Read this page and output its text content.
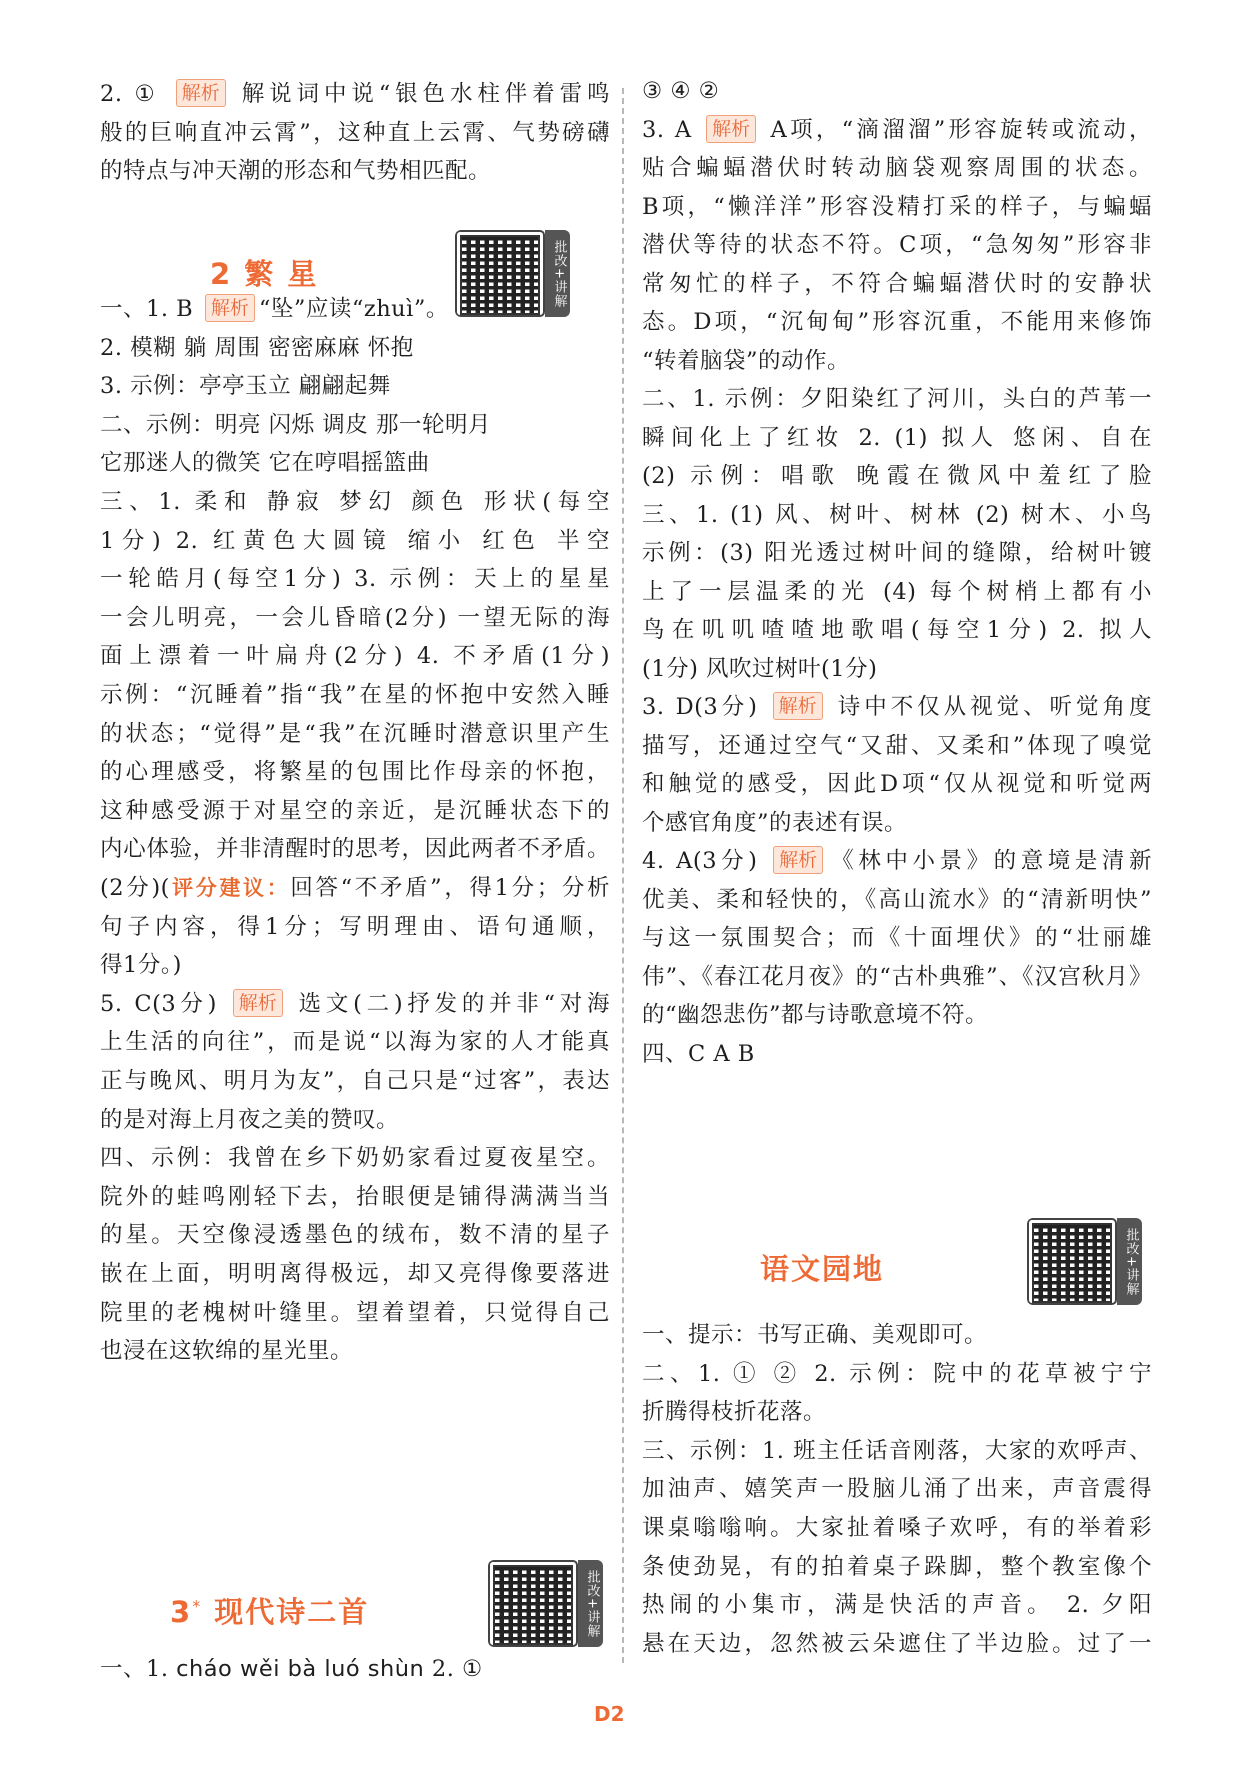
2. ① 解析 解说词中说“银色水柱伴着雷鸣
般的巨响直冲云霄”，这种直上云霄、气势磅礴
的特点与冲天潮的形态和气势相匹配。
一、1. B 解析 “坠”应读“zhuì”。
2. 模糊 躺 周围 密密麻麻 怀抱
3. 示例：亭亭玉立 翩翩起舞
二、示例：明亮 闪烁 调皮 那一轮明月
它那迷人的微笑 它在哼唱摇篮曲
三、1. 柔和 静寂 梦幻 颜色 形状(每空
1分) 2. 红黄色大圆镜 缩小 红色 半空
一轮皓月(每空1分) 3. 示例：天上的星星
一会儿明亮，一会儿昏暗(2分) 一望无际的海
面上漂着一叶扁舟(2分) 4. 不矛盾(1分)
示例：“沉睡着”指“我”在星的怀抱中安然入睡
的状态；“觉得”是“我”在沉睡时潜意识里产生
的心理感受，将繁星的包围比作母亲的怀抱，
这种感受源于对星空的亲近，是沉睡状态下的
内心体验，并非清醒时的思考，因此两者不矛盾。
(2分)(评分建议：回答“不矛盾”，得1分；分析
句子内容，得1分；写明理由、语句通顺，
得1分。)
5. C(3分) 解析 选文(二)抒发的并非“对海
上生活的向往”，而是说“以海为家的人才能真
正与晚风、明月为友”，自己只是“过客”，表达
的是对海上月夜之美的赞叹。
四、示例：我曾在乡下奶奶家看过夏夜星空。
院外的蛙鸣刚轻下去，抬眼便是铺得满满当当
的星。天空像浸透墨色的绒布，数不清的星子
嵌在上面，明明离得极远，却又亮得像要落进
院里的老槐树叶缝里。望着望着，只觉得自己
也浸在这软绵的星光里。
一、1. cháo wěi bà luó shùn 2. ①
③ ④ ②
3. A 解析 A项，“滴溜溜”形容旋转或流动，
贴合蝙蝠潜伏时转动脑袋观察周围的状态。
B项，“懒洋洋”形容没精打采的样子，与蝙蝠
潜伏等待的状态不符。C项，“急匆匆”形容非
常匆忙的样子，不符合蝙蝠潜伏时的安静状
态。D项，“沉甸甸”形容沉重，不能用来修饰
“转着脑袋”的动作。
二、1. 示例：夕阳染红了河川，头白的芦苇一
瞬间化上了红妆 2. (1) 拟人 悠闲、自在
(2) 示例：唱歌 晚霞在微风中羞红了脸
三、1. (1) 风、树叶、树林 (2) 树木、小鸟
示例：(3) 阳光透过树叶间的缝隙，给树叶镀
上了一层温柔的光 (4) 每个树梢上都有小
鸟在叽叽喳喳地歌唱(每空1分) 2. 拟人
(1分) 风吹过树叶(1分)
3. D(3分) 解析 诗中不仅从视觉、听觉角度
描写，还通过空气“又甜、又柔和”体现了嗅觉
和触觉的感受，因此D项“仅从视觉和听觉两
个感官角度”的表述有误。
4. A(3分) 解析 《林中小景》的意境是清新
优美、柔和轻快的，《高山流水》的“清新明快”
与这一氛围契合；而《十面埋伏》的“壮丽雄
伟”、《春江花月夜》的“古朴典雅”、《汉宫秋月》
的“幽怨悲伤”都与诗歌意境不符。
四、C A B
一、提示：书写正确、美观即可。
二、1. ① ② 2. 示例：院中的花草被宁宁
折腾得枝折花落。
三、示例：1. 班主任话音刚落，大家的欢呼声、
加油声、嬉笑声一股脑儿涌了出来，声音震得
课桌嗡嗡响。大家扯着嗓子欢呼，有的举着彩
条使劲晃，有的拍着桌子跺脚，整个教室像个
热闹的小集市，满是快活的声音。 2. 夕阳
悬在天边，忽然被云朵遮住了半边脸。过了一
2 繁 星
3* 现代诗二首
语文园地
批改+讲解
批改+讲解
批改+讲解
D2
